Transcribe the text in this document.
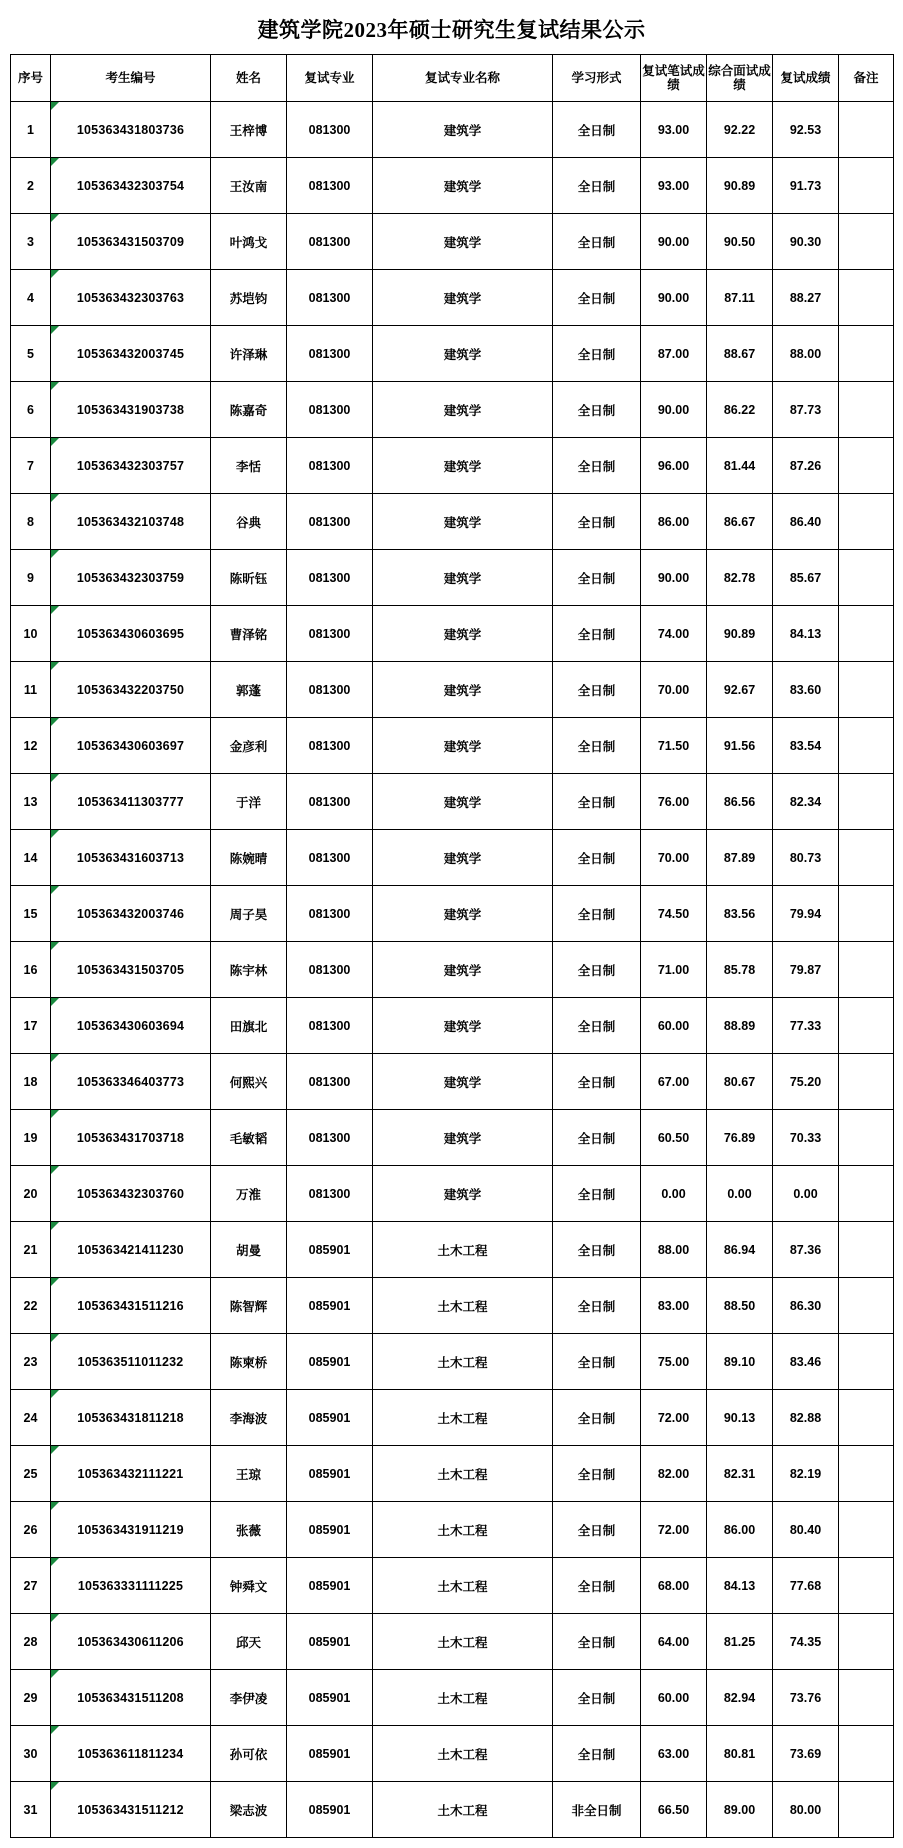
建筑学院2023年硕士研究生复试结果公示
序号	考生编号	姓名	复试专业	复试专业名称	学习形式	复试笔试成绩	综合面试成绩	复试成绩	备注
1	105363431803736	王梓博	081300	建筑学	全日制	93.00	92.22	92.53	
2	105363432303754	王汝南	081300	建筑学	全日制	93.00	90.89	91.73	
3	105363431503709	叶鸿戈	081300	建筑学	全日制	90.00	90.50	90.30	
4	105363432303763	苏垲钧	081300	建筑学	全日制	90.00	87.11	88.27	
5	105363432003745	许泽琳	081300	建筑学	全日制	87.00	88.67	88.00	
6	105363431903738	陈嘉奇	081300	建筑学	全日制	90.00	86.22	87.73	
7	105363432303757	李恬	081300	建筑学	全日制	96.00	81.44	87.26	
8	105363432103748	谷典	081300	建筑学	全日制	86.00	86.67	86.40	
9	105363432303759	陈昕钰	081300	建筑学	全日制	90.00	82.78	85.67	
10	105363430603695	曹泽铭	081300	建筑学	全日制	74.00	90.89	84.13	
11	105363432203750	郭蓬	081300	建筑学	全日制	70.00	92.67	83.60	
12	105363430603697	金彦利	081300	建筑学	全日制	71.50	91.56	83.54	
13	105363411303777	于洋	081300	建筑学	全日制	76.00	86.56	82.34	
14	105363431603713	陈婉晴	081300	建筑学	全日制	70.00	87.89	80.73	
15	105363432003746	周子昊	081300	建筑学	全日制	74.50	83.56	79.94	
16	105363431503705	陈宇林	081300	建筑学	全日制	71.00	85.78	79.87	
17	105363430603694	田旗北	081300	建筑学	全日制	60.00	88.89	77.33	
18	105363346403773	何熙兴	081300	建筑学	全日制	67.00	80.67	75.20	
19	105363431703718	毛敏韬	081300	建筑学	全日制	60.50	76.89	70.33	
20	105363432303760	万淮	081300	建筑学	全日制	0.00	0.00	0.00	
21	105363421411230	胡曼	085901	土木工程	全日制	88.00	86.94	87.36	
22	105363431511216	陈智辉	085901	土木工程	全日制	83.00	88.50	86.30	
23	105363511011232	陈柬桥	085901	土木工程	全日制	75.00	89.10	83.46	
24	105363431811218	李海波	085901	土木工程	全日制	72.00	90.13	82.88	
25	105363432111221	王琼	085901	土木工程	全日制	82.00	82.31	82.19	
26	105363431911219	张薇	085901	土木工程	全日制	72.00	86.00	80.40	
27	105363331111225	钟舜文	085901	土木工程	全日制	68.00	84.13	77.68	
28	105363430611206	邱天	085901	土木工程	全日制	64.00	81.25	74.35	
29	105363431511208	李伊凌	085901	土木工程	全日制	60.00	82.94	73.76	
30	105363611811234	孙可依	085901	土木工程	全日制	63.00	80.81	73.69	
31	105363431511212	梁志波	085901	土木工程	非全日制	66.50	89.00	80.00	
